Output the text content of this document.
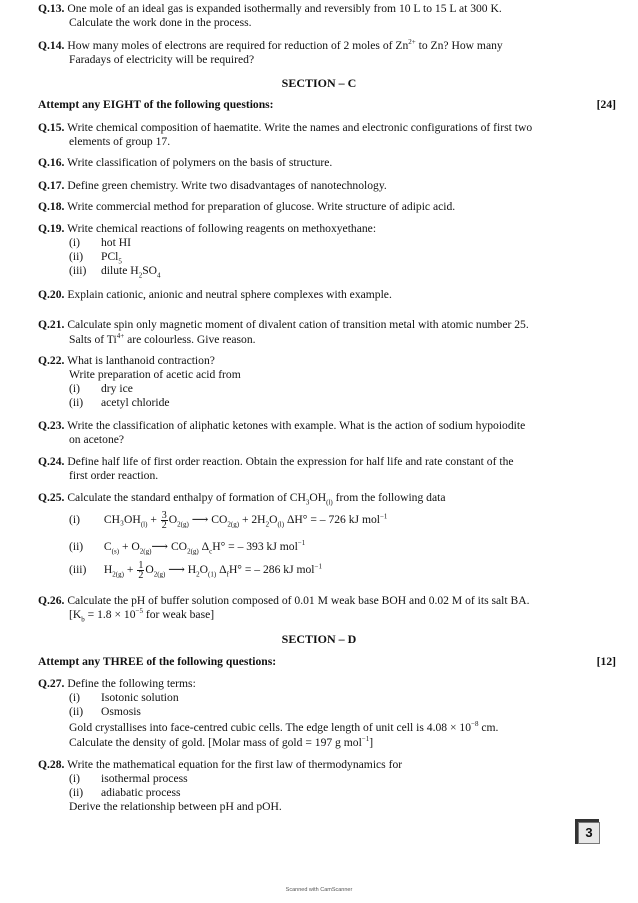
Q.13. One mole of an ideal gas is expanded isothermally and reversibly from 10 L to 15 L at 300 K.
Calculate the work done in the process.
Q.14. How many moles of electrons are required for reduction of 2 moles of $Zn^{2+}$ to Zn? How many
Faradays of electricity will be required?
SECTION – C
Attempt any EIGHT of the following questions:	[24]
Q.15. Write chemical composition of haematite. Write the names and electronic configurations of first two
elements of group 17.
Q.16. Write classification of polymers on the basis of structure.
Q.17. Define green chemistry. Write two disadvantages of nanotechnology.
Q.18. Write commercial method for preparation of glucose. Write structure of adipic acid.
Q.19. Write chemical reactions of following reagents on methoxyethane:
(i) hot HI
(ii) PCl$_5$
(iii) dilute $H_2SO_4$
Q.20. Explain cationic, anionic and neutral sphere complexes with example.
Q.21. Calculate spin only magnetic moment of divalent cation of transition metal with atomic number 25.
Salts of $Ti^{4+}$ are colourless. Give reason.
Q.22. What is lanthanoid contraction?
Write preparation of acetic acid from
(i) dry ice
(ii) acetyl chloride
Q.23. Write the classification of aliphatic ketones with example. What is the action of sodium hypoiodite
on acetone?
Q.24. Define half life of first order reaction. Obtain the expression for half life and rate constant of the
first order reaction.
Q.25. Calculate the standard enthalpy of formation of $CH_3OH_{(l)}$ from the following data
(i) $CH_3OH_{(l)} + \frac{3}{2} O_{2(g)}$ ⟶ $CO_{2(g)} + 2H_2O_{(l)}$ ΔH° = – 726 kJ mol$^{-1}$
(ii) $C_{(s)}$ + $O_{2(g)}⟶$ $CO_{2(g)}$ $\Delta_cH^\circ$ = – 393 kJ mol$^{-1}$
(iii) $H_{2(g)} + \frac{1}{2} O_{2(g)}$ ⟶ $H_2O_{(1)}$ $\Delta_fH^\circ$ = – 286 kJ mol$^{-1}$
Q.26. Calculate the pH of buffer solution composed of 0.01 M weak base BOH and 0.02 M of its salt BA.
[$K_b = 1.8 \times 10^{-5}$ for weak base]
SECTION – D
Attempt any THREE of the following questions:	[12]
Q.27. Define the following terms:
(i) Isotonic solution
(ii) Osmosis
Gold crystallises into face-centred cubic cells. The edge length of unit cell is $4.08 \times 10^{-8}$ cm.
Calculate the density of gold. [Molar mass of gold = 197 g mol$^{-1}$]
Q.28. Write the mathematical equation for the first law of thermodynamics for
(i) isothermal process
(ii) adiabatic process
Derive the relationship between pH and pOH.
3
Scanned with CamScanner
